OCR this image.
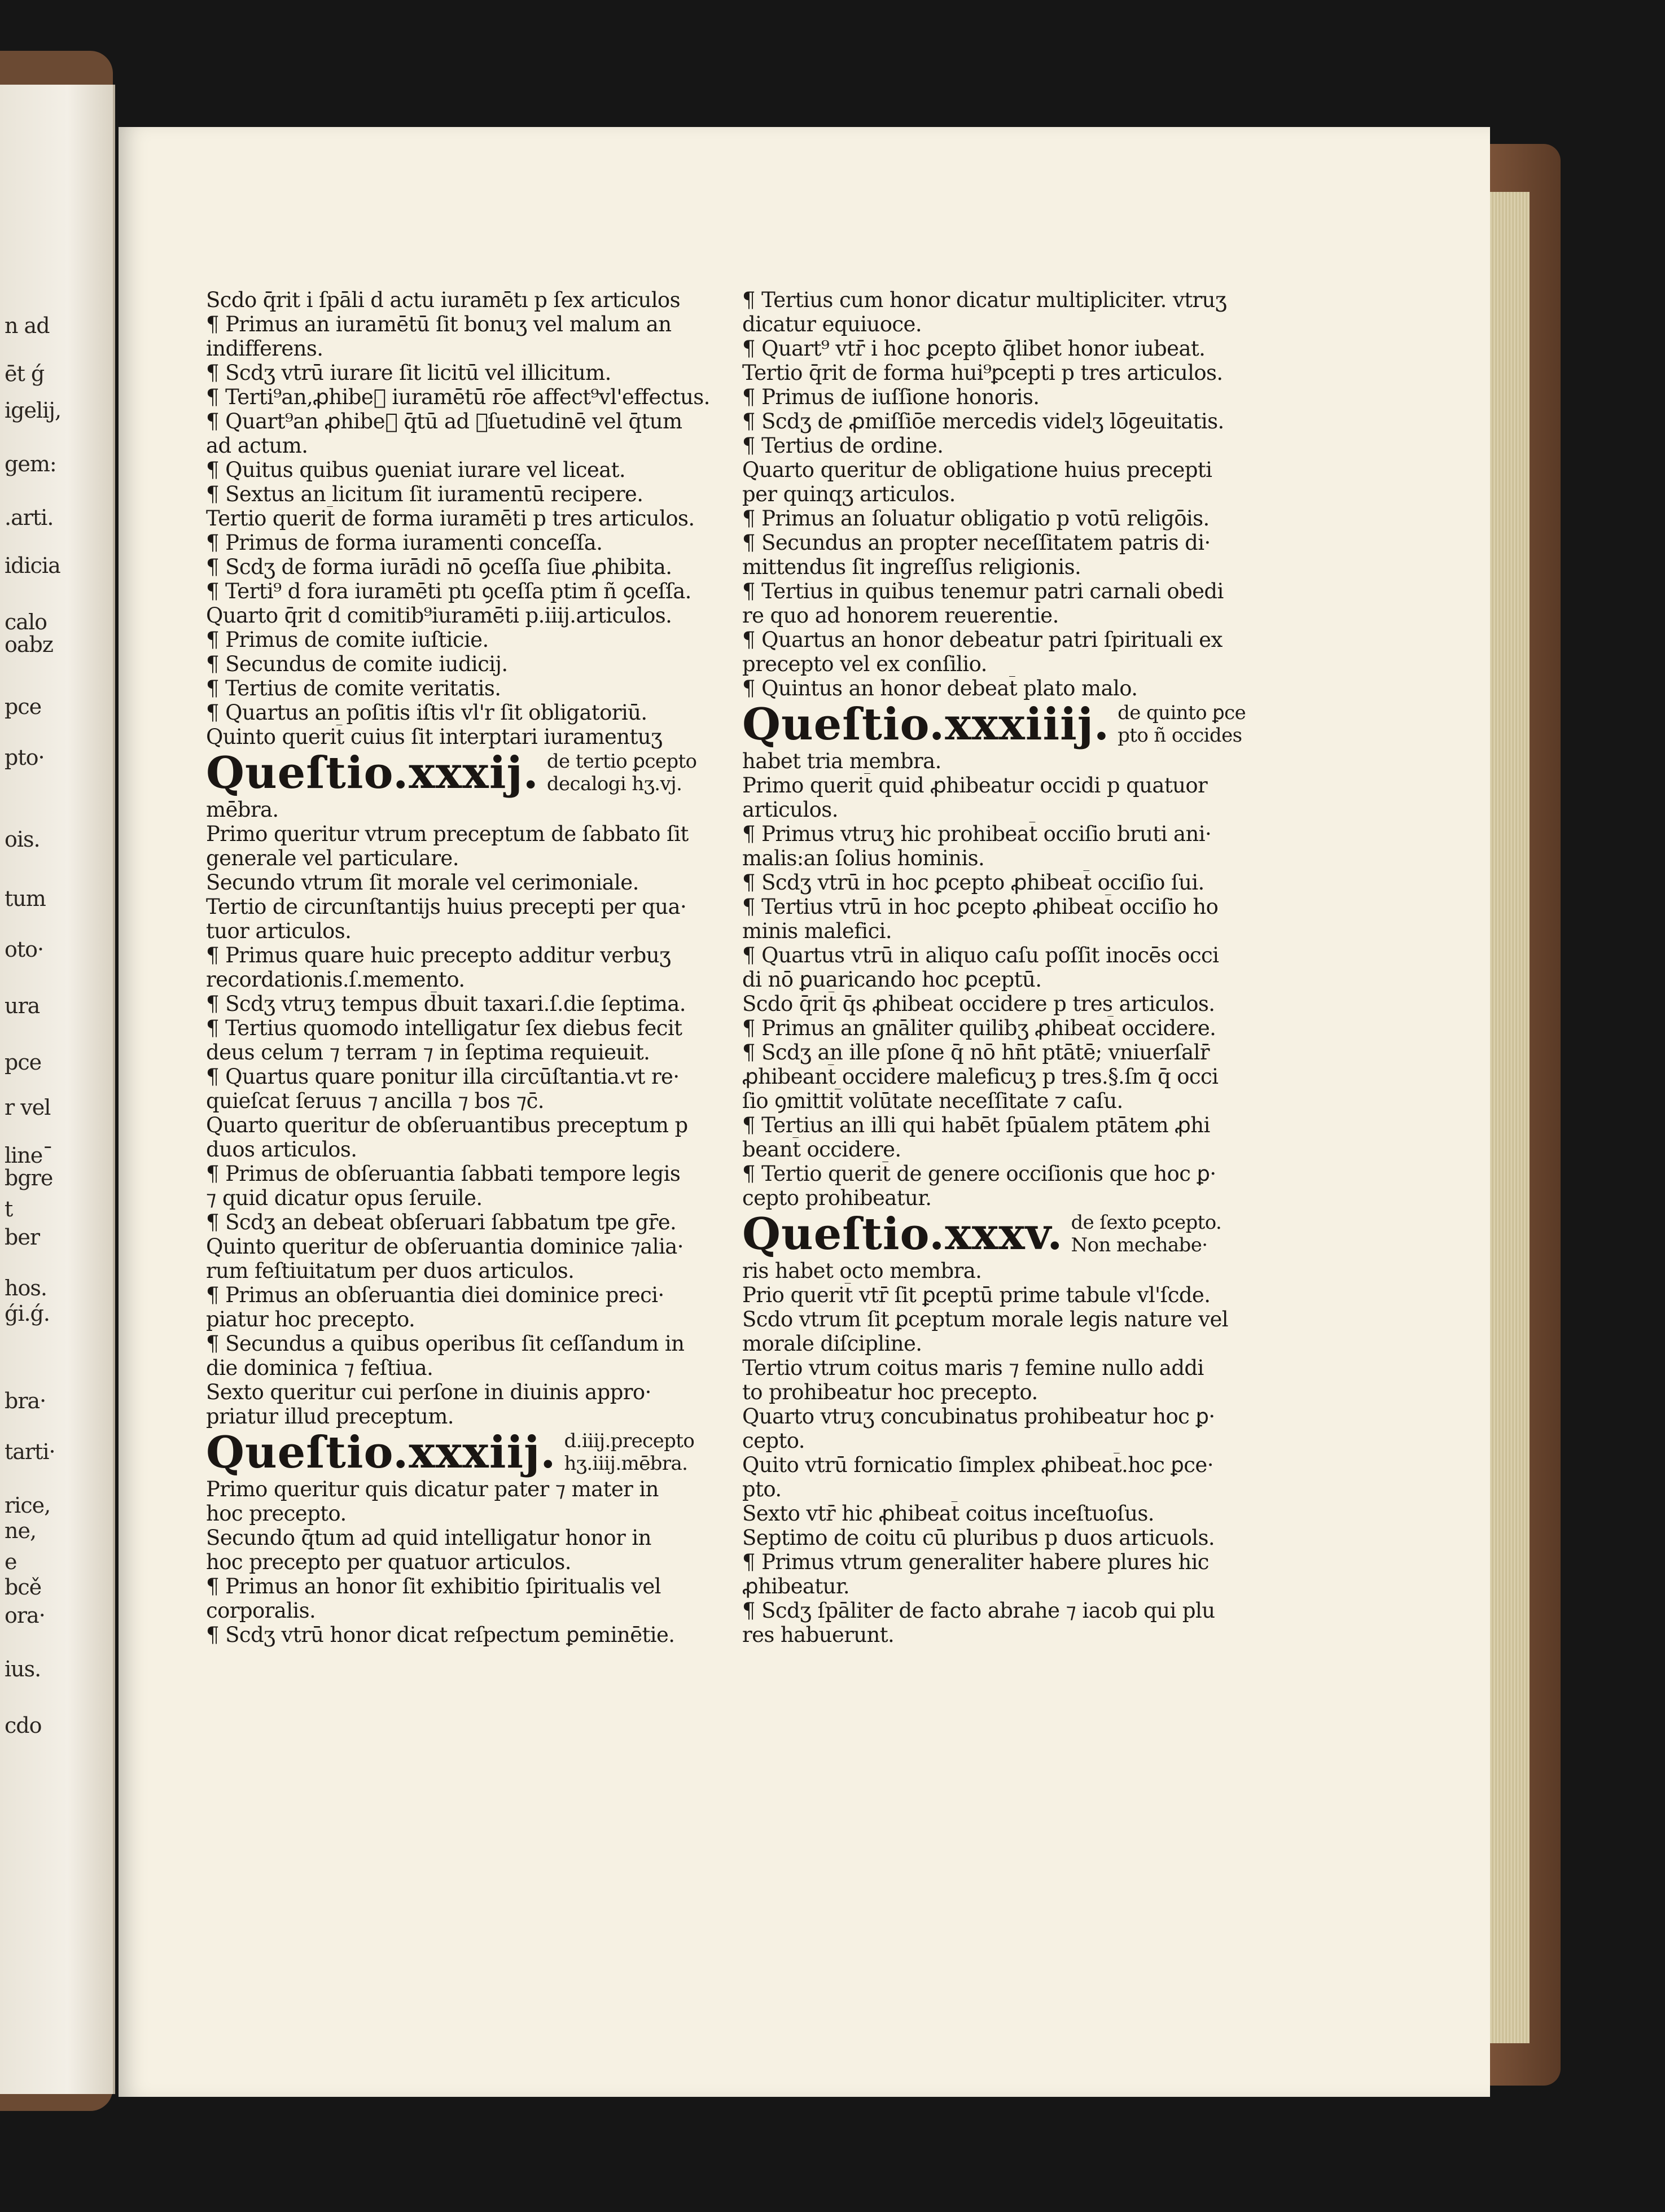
n ad
ēt ǵ
igelij,
gem:
.arti.
idicia
calo
oabz
pce
pto·
ois.
tum
oto·
ura
pce
r vel
lineˉ
bgre
t
ber
hos.
ǵi.ǵ.
bra·
tarti·
rice,
ne,
e
bcě
ora·
ius.
cdo
Scdo q̄rit i ſpāli d actu iuramētı p ſex articulos
¶ Primus an iuramētū ſit bonuʒ vel malum an
indifferens.
¶ Scdʒ vtrū iurare ſit licitū vel illicitum.
¶ Terti⁹an,ꝓhibeᷓ iuramētū rōe affect⁹vl'effectus.
¶ Quart⁹an ꝓhibeᷓ q̄tū ad ꝯſuetudinē vel q̄tum
ad actum.
¶ Quitus quibus ꝯueniat iurare vel liceat.
¶ Sextus an licitum ſit iuramentū recipere.
Tertio querit̄ de forma iuramēti p tres articulos.
¶ Primus de forma iuramenti conceſſa.
¶ Scdʒ de forma iurādi nō ꝯceſſa ſiue ꝓhibita.
¶ Terti⁹ d fora iuramēti ptı ꝯceſſa ptim ñ ꝯceſſa.
Quarto q̄rit d comitib⁹iuramēti p.iiij.articulos.
¶ Primus de comite iuſticie.
¶ Secundus de comite iudicij.
¶ Tertius de comite veritatis.
¶ Quartus an poſitis iſtis vl'r ſit obligatoriū.
Quinto querit̄ cuius ſit interptari iuramentuʒ
Queſtio.xxxij. de tertio ꝑcepto
decalogi hʒ.vj.
mēbra.
Primo queritur vtrum preceptum de ſabbato ſit
generale vel particulare.
Secundo vtrum ſit morale vel cerimoniale.
Tertio de circunſtantijs huius precepti per qua·
tuor articulos.
¶ Primus quare huic precepto additur verbuʒ
recordationis.ſ.memento.
¶ Scdʒ vtruʒ tempus d̄buit taxari.ſ.die ſeptima.
¶ Tertius quomodo intelligatur ſex diebus fecit
deus celum ⁊ terram ⁊ in ſeptima requieuit.
¶ Quartus quare ponitur illa circūſtantia.vt re·
quieſcat ſeruus ⁊ ancilla ⁊ bos ⁊c̄.
Quarto queritur de obſeruantibus preceptum p
duos articulos.
¶ Primus de obſeruantia ſabbati tempore legis
⁊ quid dicatur opus ſeruile.
¶ Scdʒ an debeat obſeruari ſabbatum tpe gr̄e.
Quinto queritur de obſeruantia dominice ⁊alia·
rum feſtiuitatum per duos articulos.
¶ Primus an obſeruantia diei dominice preci·
piatur hoc precepto.
¶ Secundus a quibus operibus ſit ceſſandum in
die dominica ⁊ feſtiua.
Sexto queritur cui perſone in diuinis appro·
priatur illud preceptum.
Queſtio.xxxiij. d.iiij.precepto
hʒ.iiij.mēbra.
Primo queritur quis dicatur pater ⁊ mater in
hoc precepto.
Secundo q̄tum ad quid intelligatur honor in
hoc precepto per quatuor articulos.
¶ Primus an honor ſit exhibitio ſpiritualis vel
corporalis.
¶ Scdʒ vtrū honor dicat reſpectum ꝑeminētie.
¶ Tertius cum honor dicatur multipliciter. vtruʒ
dicatur equiuoce.
¶ Quart⁹ vtr̄ i hoc ꝑcepto q̄libet honor iubeat.
Tertio q̄rit de forma hui⁹ꝑcepti p tres articulos.
¶ Primus de iuſſione honoris.
¶ Scdʒ de ꝓmiſſiōe mercedis videlʒ lōgeuitatis.
¶ Tertius de ordine.
Quarto queritur de obligatione huius precepti
per quinqʒ articulos.
¶ Primus an ſoluatur obligatio p votū religōis.
¶ Secundus an propter neceſſitatem patris di·
mittendus ſit ingreſſus religionis.
¶ Tertius in quibus tenemur patri carnali obedi
re quo ad honorem reuerentie.
¶ Quartus an honor debeatur patri ſpirituali ex
precepto vel ex conſilio.
¶ Quintus an honor debeat̄ plato malo.
Queſtio.xxxiiij. de quinto ꝑce
pto ñ occides
habet tria membra.
Primo querit̄ quid ꝓhibeatur occidi p quatuor
articulos.
¶ Primus vtruʒ hic prohibeat̄ occiſio bruti ani·
malis:an ſolius hominis.
¶ Scdʒ vtrū in hoc ꝑcepto ꝓhibeat̄ occiſio ſui.
¶ Tertius vtrū in hoc ꝑcepto ꝓhibeat̄ occiſio ho
minis malefici.
¶ Quartus vtrū in aliquo caſu poſſit inocēs occi
di nō ꝑuaricando hoc ꝑceptū.
Scdo q̄rit̄ q̄s ꝓhibeat occidere p tres articulos.
¶ Primus an gnāliter quilibʒ ꝓhibeat̄ occidere.
¶ Scdʒ an ille pſone q̄ nō hn̄t ptātē; vniuerſalr̄
ꝓhibeant̄ occidere maleficuʒ p tres.§.ſm q̄ occi
ſio ꝯmittit̄ volūtate neceſſitate ⁊ caſu.
¶ Tertius an illi qui habēt ſpūalem ptātem ꝓhi
beant̄ occidere.
¶ Tertio querit̄ de genere occiſionis que hoc ꝑ·
cepto prohibeatur.
Queſtio.xxxv. de ſexto ꝑcepto.
Non mechabe·
ris habet octo membra.
Prio querit̄ vtr̄ ſit ꝑceptū prime tabule vl'ſcde.
Scdo vtrum ſit ꝑceptum morale legis nature vel
morale diſcipline.
Tertio vtrum coitus maris ⁊ femine nullo addi
to prohibeatur hoc precepto.
Quarto vtruʒ concubinatus prohibeatur hoc ꝑ·
cepto.
Quito vtrū fornicatio ſimplex ꝓhibeat̄.hoc ꝑce·
pto.
Sexto vtr̄ hic ꝓhibeat̄ coitus inceſtuoſus.
Septimo de coitu cū pluribus p duos articuols.
¶ Primus vtrum generaliter habere plures hic
ꝓhibeatur.
¶ Scdʒ ſpāliter de facto abrahe ⁊ iacob qui plu
res habuerunt.
